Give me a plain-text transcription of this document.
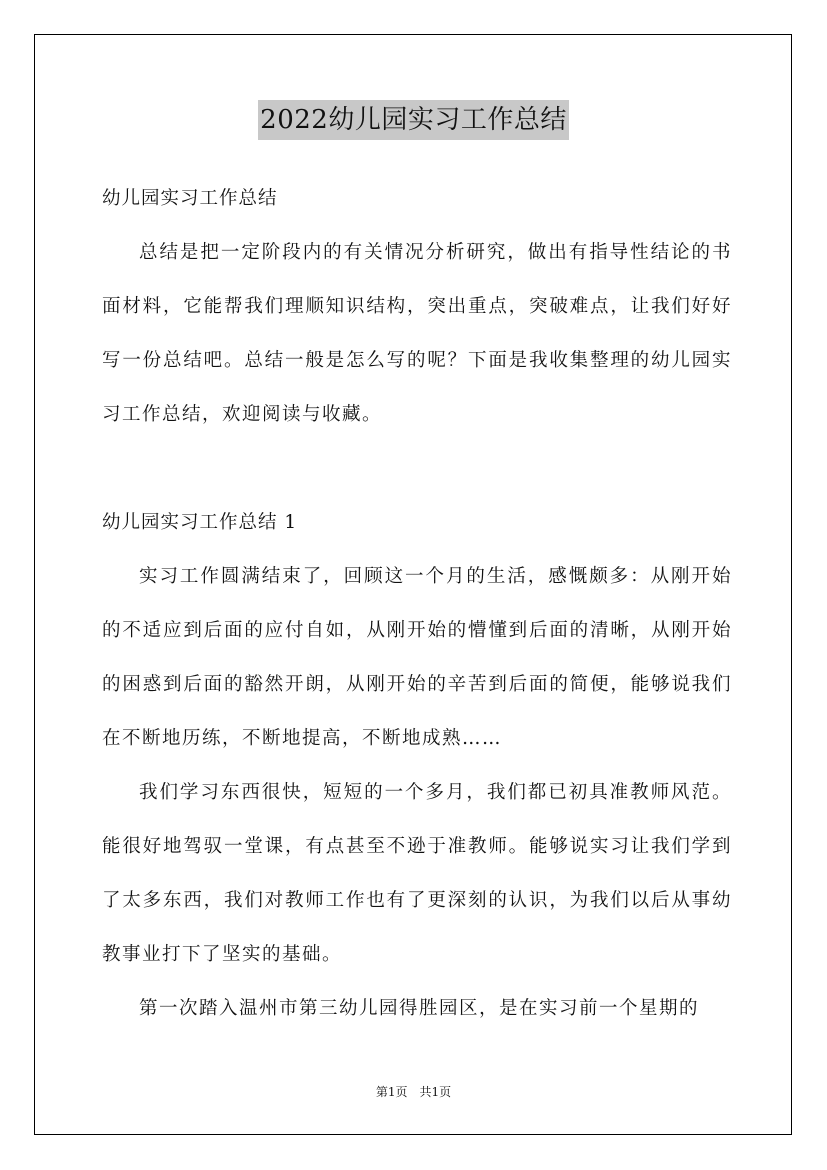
2022幼儿园实习工作总结

幼儿园实习工作总结

总结是把一定阶段内的有关情况分析研究，做出有指导性结论的书面材料，它能帮我们理顺知识结构，突出重点，突破难点，让我们好好写一份总结吧。总结一般是怎么写的呢？下面是我收集整理的幼儿园实习工作总结，欢迎阅读与收藏。

幼儿园实习工作总结 1

实习工作圆满结束了，回顾这一个月的生活，感慨颇多：从刚开始的不适应到后面的应付自如，从刚开始的懵懂到后面的清晰，从刚开始的困惑到后面的豁然开朗，从刚开始的辛苦到后面的简便，能够说我们在不断地历练，不断地提高，不断地成熟……

我们学习东西很快，短短的一个多月，我们都已初具准教师风范。能很好地驾驭一堂课，有点甚至不逊于准教师。能够说实习让我们学到了太多东西，我们对教师工作也有了更深刻的认识，为我们以后从事幼教事业打下了坚实的基础。

第一次踏入温州市第三幼儿园得胜园区，是在实习前一个星期的

第1页　共1页
